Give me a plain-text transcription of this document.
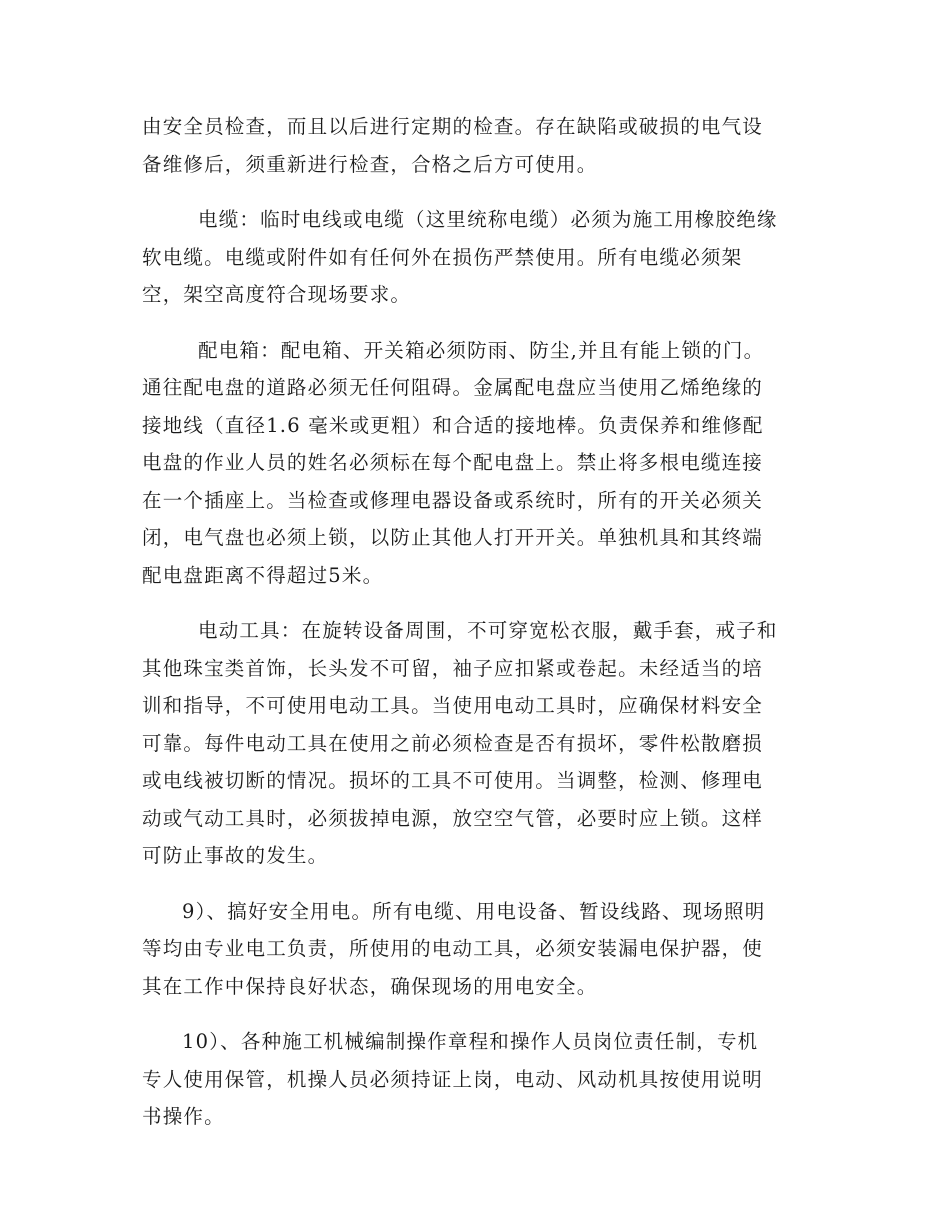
由安全员检查，而且以后进行定期的检查。存在缺陷或破损的电气设
备维修后，须重新进行检查，合格之后方可使用。

电缆：临时电线或电缆（这里统称电缆）必须为施工用橡胶绝缘
软电缆。电缆或附件如有任何外在损伤严禁使用。所有电缆必须架
空，架空高度符合现场要求。

配电箱：配电箱、开关箱必须防雨、防尘,并且有能上锁的门。
通往配电盘的道路必须无任何阻碍。金属配电盘应当使用乙烯绝缘的
接地线（直径1.6 毫米或更粗）和合适的接地棒。负责保养和维修配
电盘的作业人员的姓名必须标在每个配电盘上。禁止将多根电缆连接
在一个插座上。当检查或修理电器设备或系统时，所有的开关必须关
闭，电气盘也必须上锁，以防止其他人打开开关。单独机具和其终端
配电盘距离不得超过5米。

电动工具：在旋转设备周围，不可穿宽松衣服，戴手套，戒子和
其他珠宝类首饰，长头发不可留，袖子应扣紧或卷起。未经适当的培
训和指导，不可使用电动工具。当使用电动工具时，应确保材料安全
可靠。每件电动工具在使用之前必须检查是否有损坏，零件松散磨损
或电线被切断的情况。损坏的工具不可使用。当调整，检测、修理电
动或气动工具时，必须拔掉电源，放空空气管，必要时应上锁。这样
可防止事故的发生。

9）、搞好安全用电。所有电缆、用电设备、暂设线路、现场照明
等均由专业电工负责，所使用的电动工具，必须安装漏电保护器，使
其在工作中保持良好状态，确保现场的用电安全。

10）、各种施工机械编制操作章程和操作人员岗位责任制，专机
专人使用保管，机操人员必须持证上岗，电动、风动机具按使用说明
书操作。
